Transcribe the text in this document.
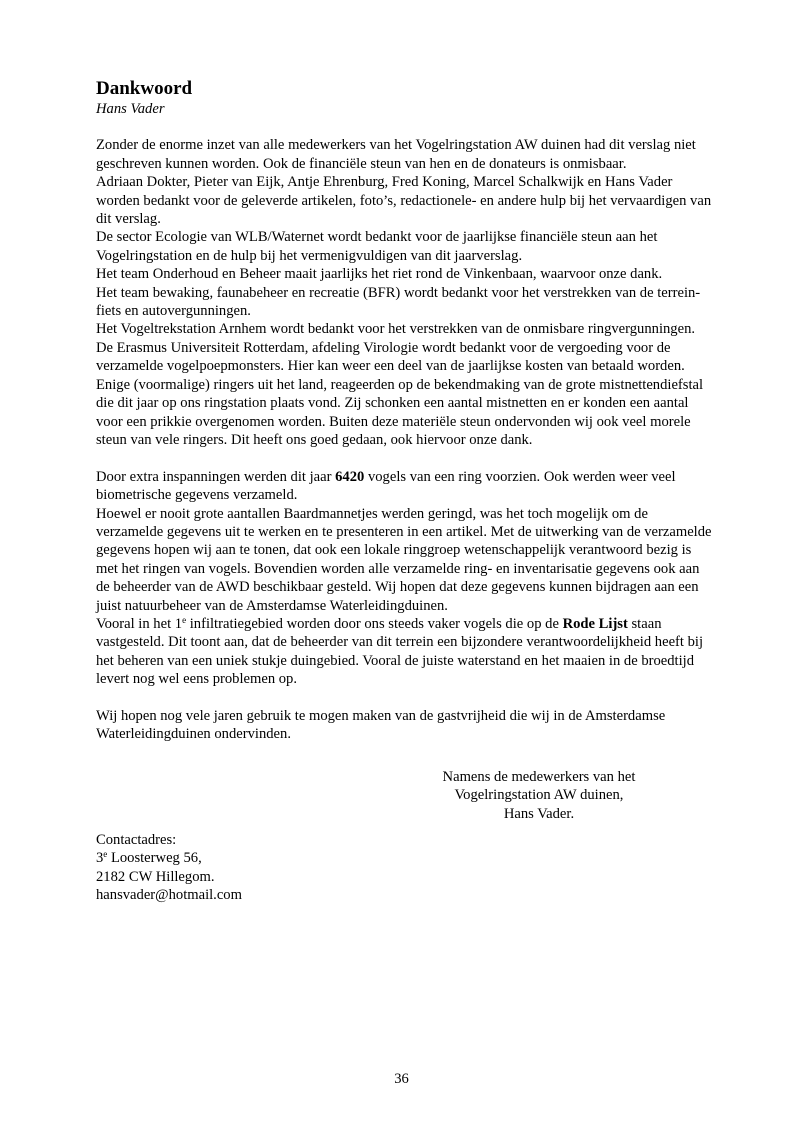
Dankwoord

Hans Vader

Zonder de enorme inzet van alle medewerkers van het Vogelringstation AW duinen had dit verslag niet geschreven kunnen worden. Ook de financiële steun van hen en de donateurs is onmisbaar.

Adriaan Dokter, Pieter van Eijk, Antje Ehrenburg, Fred Koning, Marcel Schalkwijk en Hans Vader worden bedankt voor de geleverde artikelen, foto’s, redactionele- en andere hulp bij het vervaardigen van dit verslag.

De sector Ecologie van WLB/Waternet wordt bedankt voor de jaarlijkse financiële steun aan het Vogelringstation en de hulp bij het vermenigvuldigen van dit jaarverslag.

Het team Onderhoud en Beheer maait jaarlijks het riet rond de Vinkenbaan, waarvoor onze dank.

Het team bewaking, faunabeheer en recreatie (BFR) wordt bedankt voor het verstrekken van de terrein- fiets en autovergunningen.

Het Vogeltrekstation Arnhem wordt bedankt voor het verstrekken van de onmisbare ringvergunningen.

De Erasmus Universiteit Rotterdam, afdeling Virologie wordt bedankt voor de vergoeding voor de verzamelde vogelpoepmonsters. Hier kan weer een deel van de jaarlijkse kosten van betaald worden.

Enige (voormalige) ringers uit het land, reageerden op de bekendmaking van de grote mistnettendiefstal die dit jaar op ons ringstation plaats vond. Zij schonken een aantal mistnetten en er konden een aantal voor een prikkie overgenomen worden. Buiten deze materiële steun ondervonden wij ook veel morele steun van vele ringers. Dit heeft ons goed gedaan, ook hiervoor onze dank.

Door extra inspanningen werden dit jaar 6420 vogels van een ring voorzien. Ook werden weer veel biometrische gegevens verzameld.

Hoewel er nooit grote aantallen Baardmannetjes werden geringd, was het toch mogelijk om de verzamelde gegevens uit te werken en te presenteren in een artikel. Met de uitwerking van de verzamelde gegevens hopen wij aan te tonen, dat ook een lokale ringgroep wetenschappelijk verantwoord bezig is met het ringen van vogels. Bovendien worden alle verzamelde ring- en inventarisatie gegevens ook aan de beheerder van de AWD beschikbaar gesteld. Wij hopen dat deze gegevens kunnen bijdragen aan een juist natuurbeheer van de Amsterdamse Waterleidingduinen.

Vooral in het 1e infiltratiegebied worden door ons steeds vaker vogels die op de Rode Lijst staan vastgesteld. Dit toont aan, dat de beheerder van dit terrein een bijzondere verantwoordelijkheid heeft bij het beheren van een uniek stukje duingebied. Vooral de juiste waterstand en het maaien in de broedtijd levert nog wel eens problemen op.

Wij hopen nog vele jaren gebruik te mogen maken van de gastvrijheid die wij in de Amsterdamse Waterleidingduinen ondervinden.

Namens de medewerkers van het
Vogelringstation AW duinen,
Hans Vader.
Contactadres:
3e Loosterweg 56,
2182 CW Hillegom.
hansvader@hotmail.com
36
